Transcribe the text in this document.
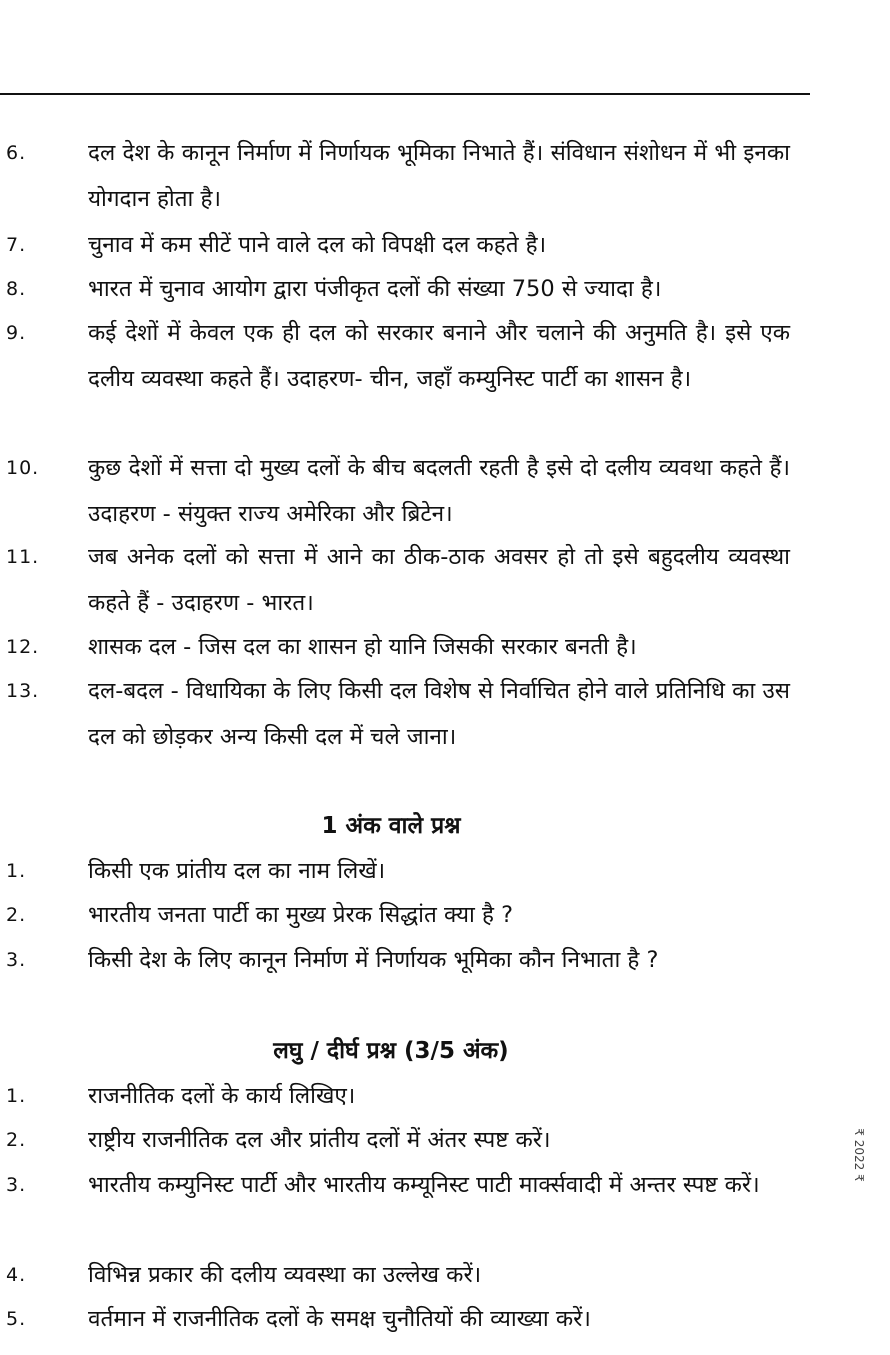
6.	दल देश के कानून निर्माण में निर्णायक भूमिका निभाते हैं। संविधान संशोधन में भी इनका योगदान होता है।
7.	चुनाव में कम सीटें पाने वाले दल को विपक्षी दल कहते है।
8.	भारत में चुनाव आयोग द्वारा पंजीकृत दलों की संख्या 750 से ज्यादा है।
9.	कई देशों में केवल एक ही दल को सरकार बनाने और चलाने की अनुमति है। इसे एक दलीय व्यवस्था कहते हैं। उदाहरण- चीन, जहाँ कम्युनिस्ट पार्टी का शासन है।
10. कुछ देशों में सत्ता दो मुख्य दलों के बीच बदलती रहती है इसे दो दलीय व्यवथा कहते हैं। उदाहरण - संयुक्त राज्य अमेरिका और ब्रिटेन।
11. जब अनेक दलों को सत्ता में आने का ठीक-ठाक अवसर हो तो इसे बहुदलीय व्यवस्था कहते हैं - उदाहरण - भारत।
12. शासक दल - जिस दल का शासन हो यानि जिसकी सरकार बनती है।
13. दल-बदल - विधायिका के लिए किसी दल विशेष से निर्वाचित होने वाले प्रतिनिधि का उस दल को छोड़कर अन्य किसी दल में चले जाना।
1 अंक वाले प्रश्न
1.	किसी एक प्रांतीय दल का नाम लिखें।
2.	भारतीय जनता पार्टी का मुख्य प्रेरक सिद्धांत क्या है ?
3.	किसी देश के लिए कानून निर्माण में निर्णायक भूमिका कौन निभाता है ?
लघु / दीर्घ प्रश्न (3/5 अंक)
1.	राजनीतिक दलों के कार्य लिखिए।
2.	राष्ट्रीय राजनीतिक दल और प्रांतीय दलों में अंतर स्पष्ट करें।
3.	भारतीय कम्युनिस्ट पार्टी और भारतीय कम्यूनिस्ट पाटी मार्क्सवादी में अन्तर स्पष्ट करें।
4.	विभिन्न प्रकार की दलीय व्यवस्था का उल्लेख करें।
5.	वर्तमान में राजनीतिक दलों के समक्ष चुनौतियों की व्याख्या करें।
₹ 2022 ₹
